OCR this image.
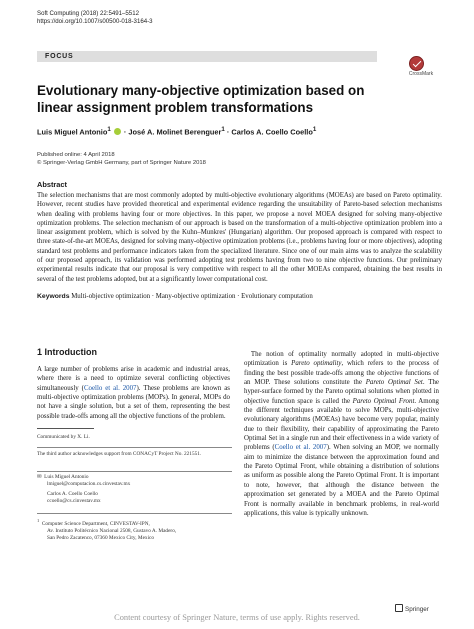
Soft Computing (2018) 22:5491–5512
https://doi.org/10.1007/s00500-018-3164-3
FOCUS
CrossMark
Evolutionary many-objective optimization based on linear assignment problem transformations
Luis Miguel Antonio$^1$  · José A. Molinet Berenguer$^1$ · Carlos A. Coello Coello$^1$
Published online: 4 April 2018
© Springer-Verlag GmbH Germany, part of Springer Nature 2018
Abstract
The selection mechanisms that are most commonly adopted by multi-objective evolutionary algorithms (MOEAs) are based on Pareto optimality. However, recent studies have provided theoretical and experimental evidence regarding the unsuitability of Pareto-based selection mechanisms when dealing with problems having four or more objectives. In this paper, we propose a novel MOEA designed for solving many-objective optimization problems. The selection mechanism of our approach is based on the transformation of a multi-objective optimization problem into a linear assignment problem, which is solved by the Kuhn–Munkres' (Hungarian) algorithm. Our proposed approach is compared with respect to three state-of-the-art MOEAs, designed for solving many-objective optimization problems (i.e., problems having four or more objectives), adopting standard test problems and performance indicators taken from the specialized literature. Since one of our main aims was to analyze the scalability of our proposed approach, its validation was performed adopting test problems having from two to nine objective functions. Our preliminary experimental results indicate that our proposal is very competitive with respect to all the other MOEAs compared, obtaining the best results in several of the test problems adopted, but at a significantly lower computational cost.
Keywords Multi-objective optimization · Many-objective optimization · Evolutionary computation
1 Introduction
A large number of problems arise in academic and industrial areas, where there is a need to optimize several conflicting objectives simultaneously (Coello et al. 2007). These problems are known as multi-objective optimization problems (MOPs). In general, MOPs do not have a single solution, but a set of them, representing the best possible trade-offs among all the objective functions of the problem.
 The notion of optimality normally adopted in multi-objective optimization is Pareto optimality, which refers to the process of finding the best possible trade-offs among the objective functions of an MOP. These solutions constitute the Pareto Optimal Set. The hyper-surface formed by the Pareto optimal solutions when plotted in objective function space is called the Pareto Optimal Front. Among the different techniques available to solve MOPs, multi-objective evolutionary algorithms (MOEAs) have become very popular, mainly due to their flexibility, their capability of approximating the Pareto Optimal Set in a single run and their effectiveness in a wide variety of problems (Coello et al. 2007). When solving an MOP, we normally aim to minimize the distance between the approximation found and the Pareto Optimal Front, while obtaining a distribution of solutions as uniform as possible along the Pareto Optimal Front. It is important to note, however, that although the distance between the approximation set generated by a MOEA and the Pareto Optimal Front is normally available in benchmark problems, in real-world applications, this value is typically unknown.
Communicated by X. Li.
The third author acknowledges support from CONACyT Project No. 221551.
✉ Luis Miguel Antonio
lmiguel@computacion.cs.cinvestav.mx
Carlos A. Coello Coello
ccoello@cs.cinvestav.mx
$^1$  Computer Science Department, CINVESTAV-IPN,
Av. Instituto Politécnico Nacional 2508, Gustavo A. Madero,
San Pedro Zacatenco, 07360 Mexico City, Mexico
Springer
Content courtesy of Springer Nature, terms of use apply. Rights reserved.
